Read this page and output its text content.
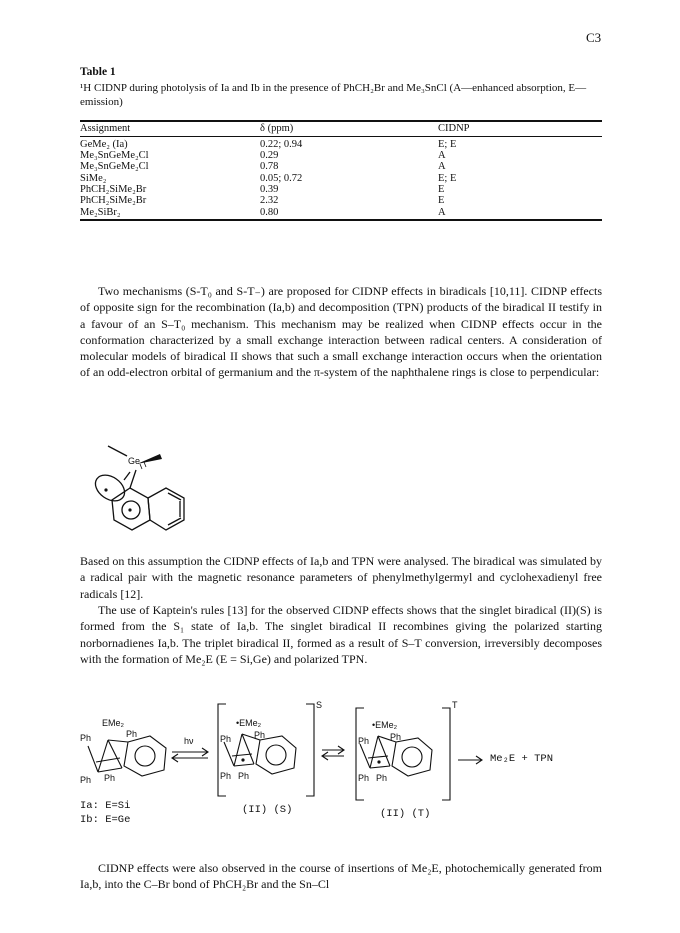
C3
Table 1
¹H CIDNP during photolysis of Ia and Ib in the presence of PhCH₂Br and Me₃SnCl (A—enhanced absorption, E—emission)
Assignment	δ (ppm)	CIDNP
GeMe₂ (Ia)	0.22; 0.94	E; E
Me₃SnGeMe₂Cl	0.29	A
Me₃SnGeMe₂Cl	0.78	A
SiMe₂	0.05; 0.72	E; E
PhCH₂SiMe₂Br	0.39	E
PhCH₂SiMe₂Br	2.32	E
Me₂SiBr₂	0.80	A
Two mechanisms (S-T₀ and S-T₋) are proposed for CIDNP effects in biradicals [10,11]. CIDNP effects of opposite sign for the recombination (Ia,b) and decomposition (TPN) products of the biradical II testify in a favour of an S–T₀ mechanism. This mechanism may be realized when CIDNP effects occur in the conformation characterized by a small exchange interaction between radical centers. A consideration of molecular models of biradical II shows that such a small exchange interaction occurs when the orientation of an odd-electron orbital of germanium and the π-system of the naphthalene rings is close to perpendicular:
Ge
Based on this assumption the CIDNP effects of Ia,b and TPN were analysed. The biradical was simulated by a radical pair with the magnetic resonance parameters of phenylmethylgermyl and cyclohexadienyl free radicals [12].
The use of Kaptein's rules [13] for the observed CIDNP effects shows that the singlet biradical (II)(S) is formed from the S₁ state of Ia,b. The singlet biradical II recombines giving the polarized starting norbornadienes Ia,b. The triplet biradical II, formed as a result of S–T conversion, irreversibly decomposes with the formation of Me₂E (E = Si,Ge) and polarized TPN.
EMe₂
Ph
Ph
Ph Ph
hν
•EMe₂
Ph
Ph
Ph Ph
S
•EMe₂
Ph
Ph
Ph Ph
T
Me₂E + TPN
Ia: E=Si
Ib: E=Ge
(II) (S)	(II) (T)
CIDNP effects were also observed in the course of insertions of Me₂E, photochemically generated from Ia,b, into the C–Br bond of PhCH₂Br and the Sn–Cl
